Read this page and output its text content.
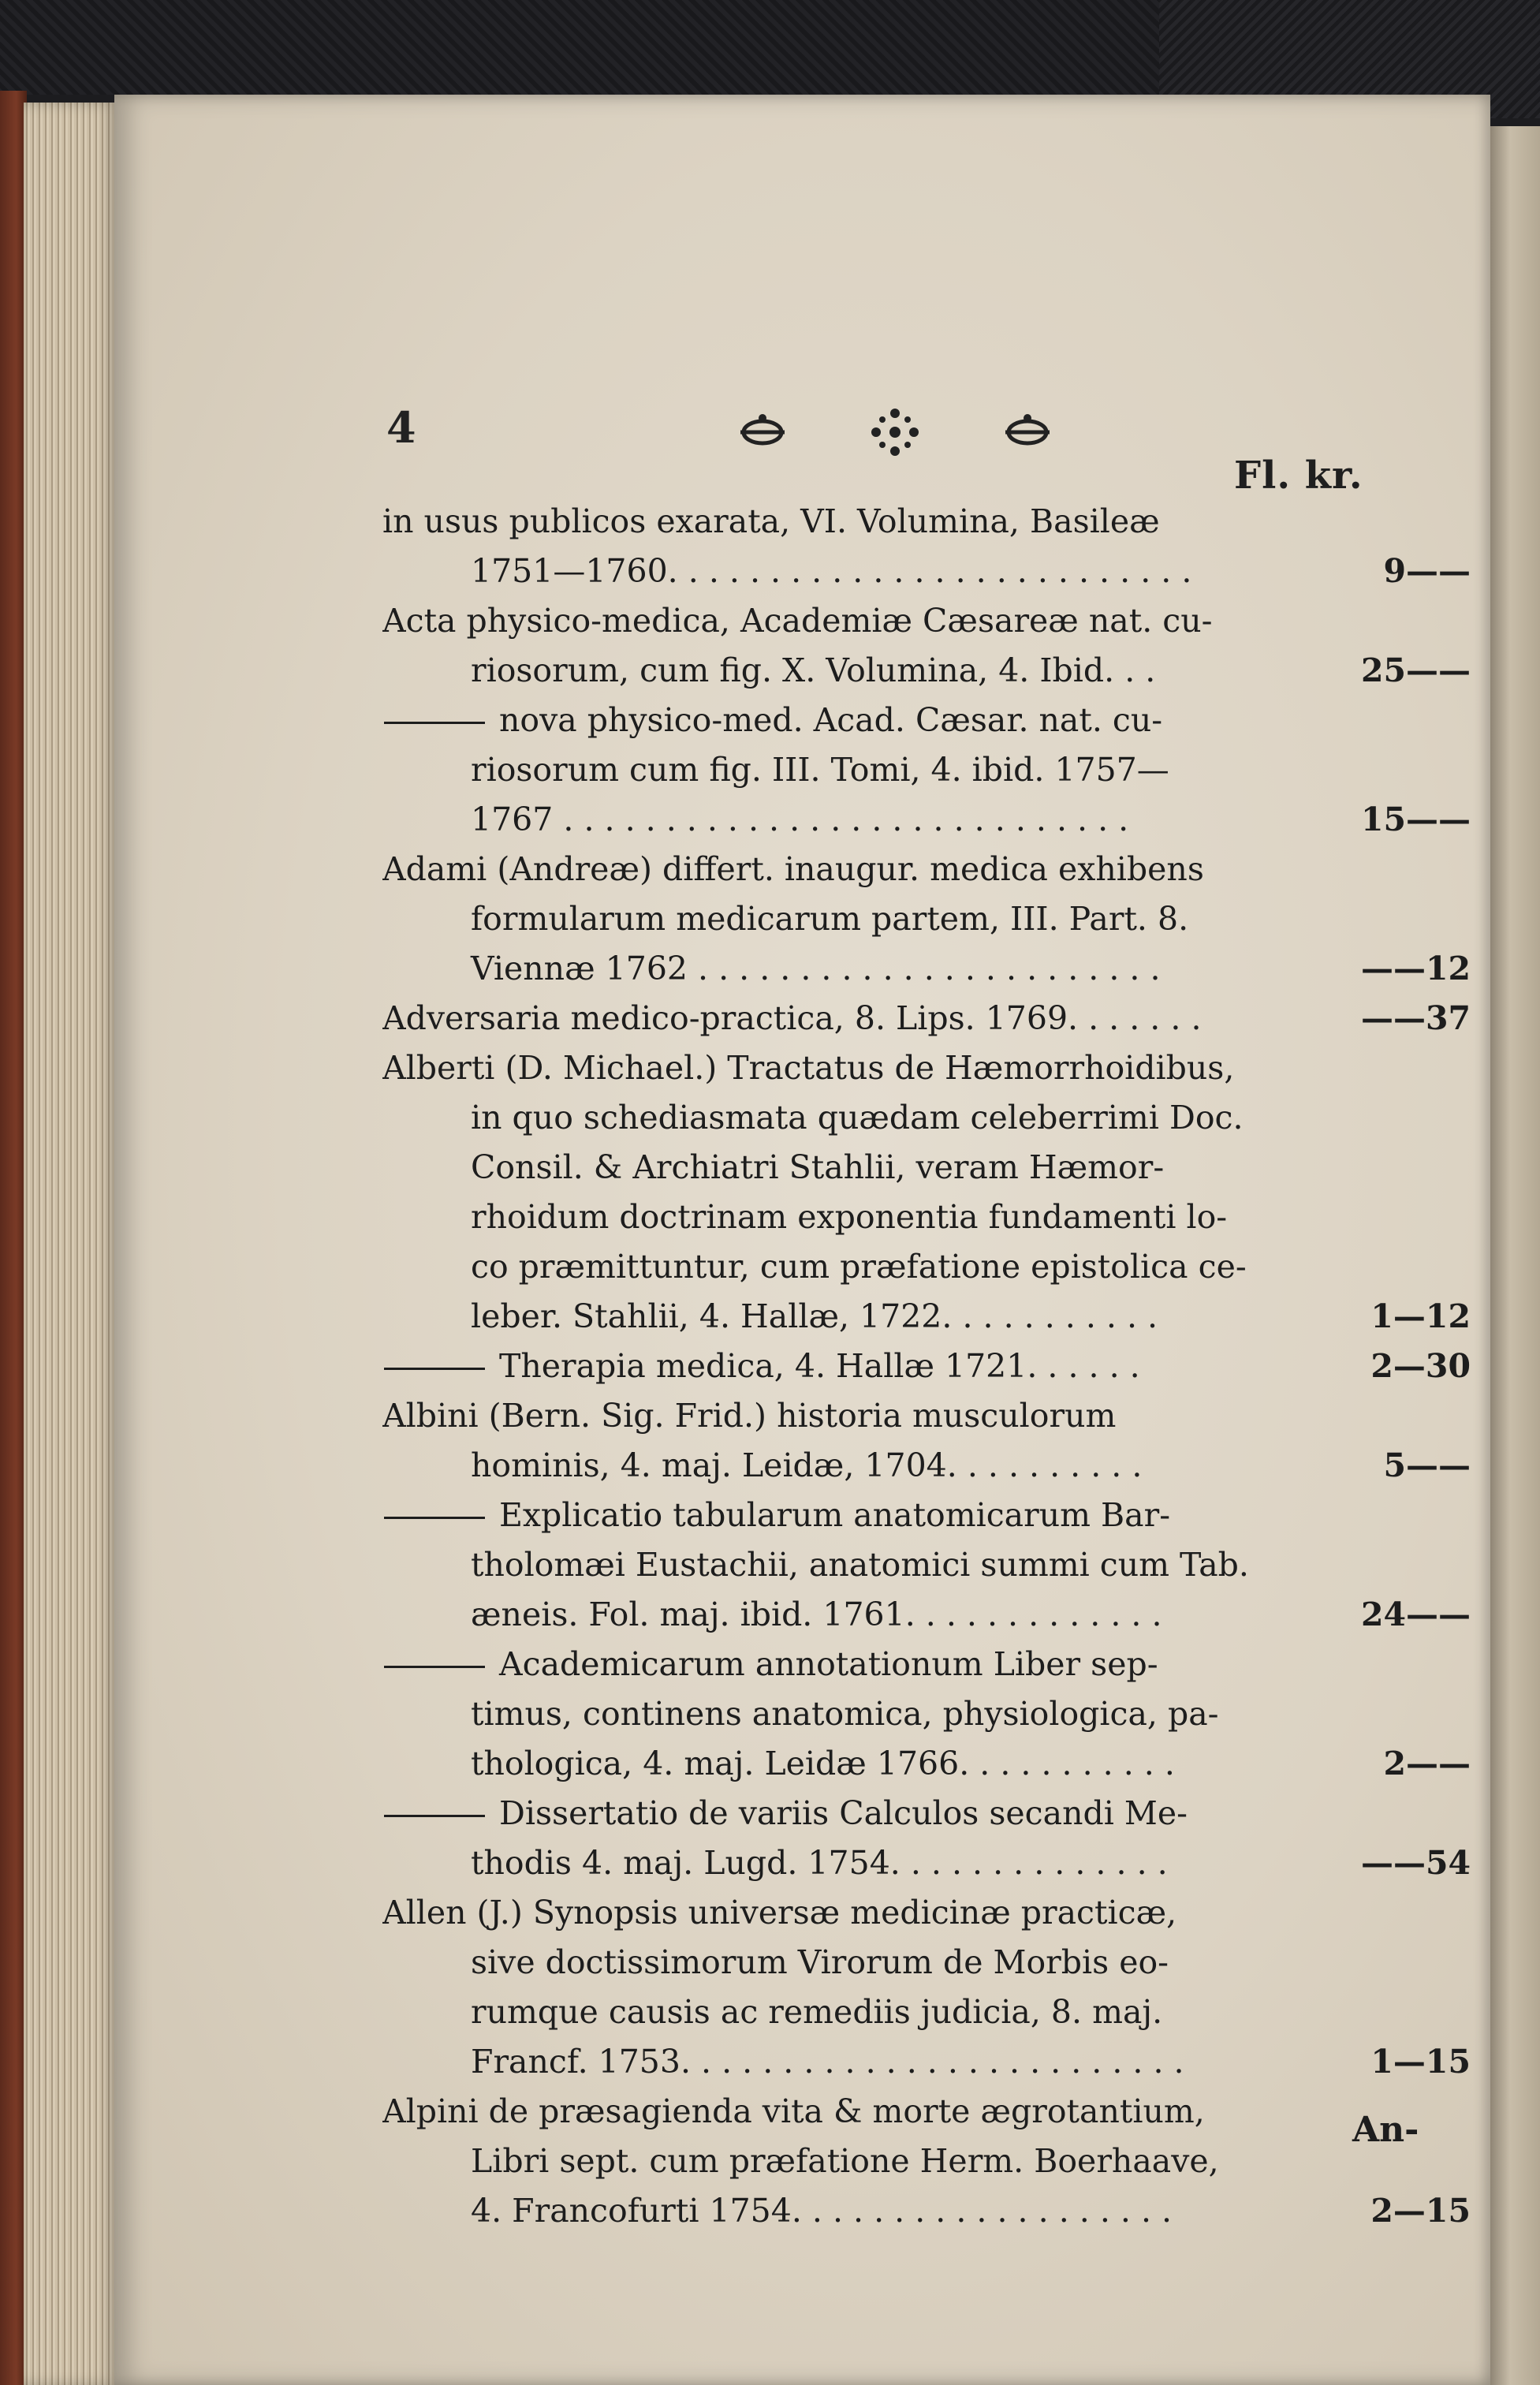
4
Fl. kr.
in usus publicos exarata, VI. Volumina, Basileæ
1751—1760. . . . . . . . . . . . . . . . . . . . . . . . . .	9——
Acta physico-medica, Academiæ Cæsareæ nat. cu-
riosorum, cum fig. X. Volumina, 4. Ibid. . .	25——
nova physico-med. Acad. Cæsar. nat. cu-
riosorum cum fig. III. Tomi, 4. ibid. 1757—
1767 . . . . . . . . . . . . . . . . . . . . . . . . . . . .	15——
Adami (Andreæ) differt. inaugur. medica exhibens
formularum medicarum partem, III. Part. 8.
Viennæ 1762 . . . . . . . . . . . . . . . . . . . . . . .	——12
Adversaria medico-practica, 8. Lips. 1769. . . . . . .	——37
Alberti (D. Michael.) Tractatus de Hæmorrhoidibus,
in quo schediasmata quædam celeberrimi Doc.
Consil. & Archiatri Stahlii, veram Hæmor-
rhoidum doctrinam exponentia fundamenti lo-
co præmittuntur, cum præfatione epistolica ce-
leber. Stahlii, 4. Hallæ, 1722. . . . . . . . . . .	1—12
Therapia medica, 4. Hallæ 1721. . . . . .	2—30
Albini (Bern. Sig. Frid.) historia musculorum
hominis, 4. maj. Leidæ, 1704. . . . . . . . . .	5——
Explicatio tabularum anatomicarum Bar-
tholomæi Eustachii, anatomici summi cum Tab.
æneis. Fol. maj. ibid. 1761. . . . . . . . . . . . .	24——
Academicarum annotationum Liber sep-
timus, continens anatomica, physiologica, pa-
thologica, 4. maj. Leidæ 1766. . . . . . . . . . .	2——
Dissertatio de variis Calculos secandi Me-
thodis 4. maj. Lugd. 1754. . . . . . . . . . . . . .	——54
Allen (J.) Synopsis universæ medicinæ practicæ,
sive doctissimorum Virorum de Morbis eo-
rumque causis ac remediis judicia, 8. maj.
Francf. 1753. . . . . . . . . . . . . . . . . . . . . . . . .	1—15
Alpini de præsagienda vita & morte ægrotantium,
Libri sept. cum præfatione Herm. Boerhaave,
4. Francofurti 1754. . . . . . . . . . . . . . . . . . .	2—15
An-
